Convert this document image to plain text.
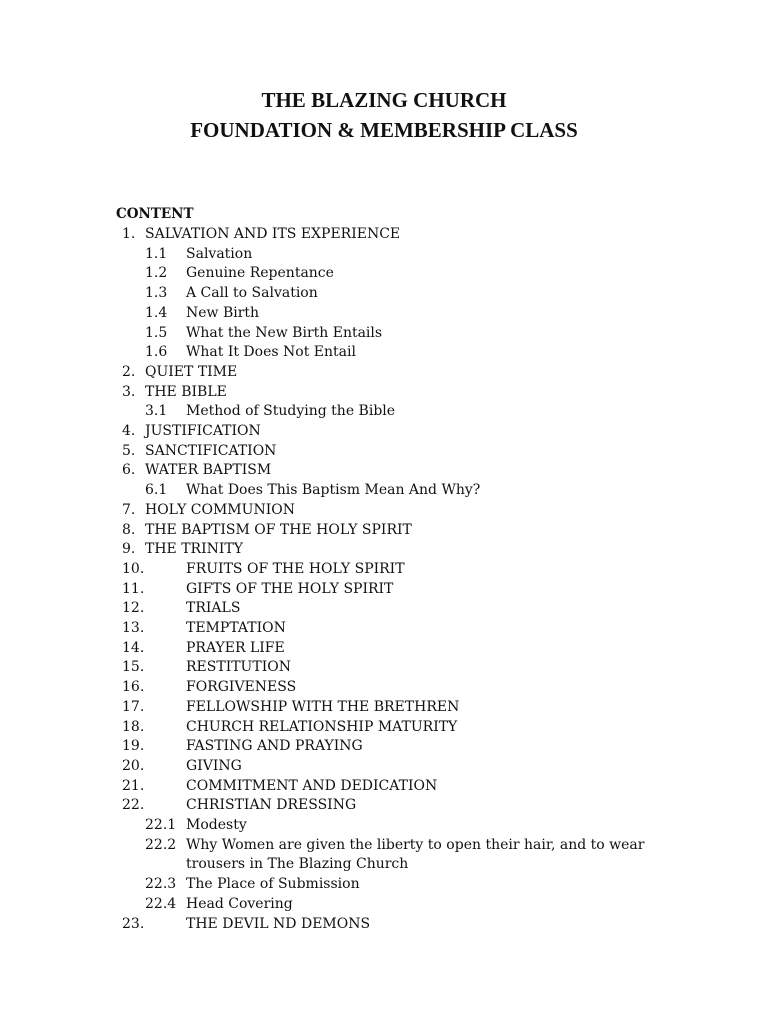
THE BLAZING CHURCH
FOUNDATION & MEMBERSHIP CLASS
CONTENT
1. SALVATION AND ITS EXPERIENCE
1.1 Salvation
1.2 Genuine Repentance
1.3 A Call to Salvation
1.4 New Birth
1.5 What the New Birth Entails
1.6 What It Does Not Entail
2. QUIET TIME
3. THE BIBLE
3.1 Method of Studying the Bible
4. JUSTIFICATION
5. SANCTIFICATION
6. WATER BAPTISM
6.1 What Does This Baptism Mean And Why?
7. HOLY COMMUNION
8. THE BAPTISM OF THE HOLY SPIRIT
9. THE TRINITY
10.	FRUITS OF THE HOLY SPIRIT
11.	GIFTS OF THE HOLY SPIRIT
12.	TRIALS
13.	TEMPTATION
14.	PRAYER LIFE
15.	RESTITUTION
16.	FORGIVENESS
17.	FELLOWSHIP WITH THE BRETHREN
18.	CHURCH RELATIONSHIP MATURITY
19.	FASTING AND PRAYING
20.	GIVING
21.	COMMITMENT AND DEDICATION
22.	CHRISTIAN DRESSING
22.1 Modesty
22.2 Why Women are given the liberty to open their hair, and to wear
trousers in The Blazing Church
22.3 The Place of Submission
22.4 Head Covering
23.	THE DEVIL ND DEMONS
